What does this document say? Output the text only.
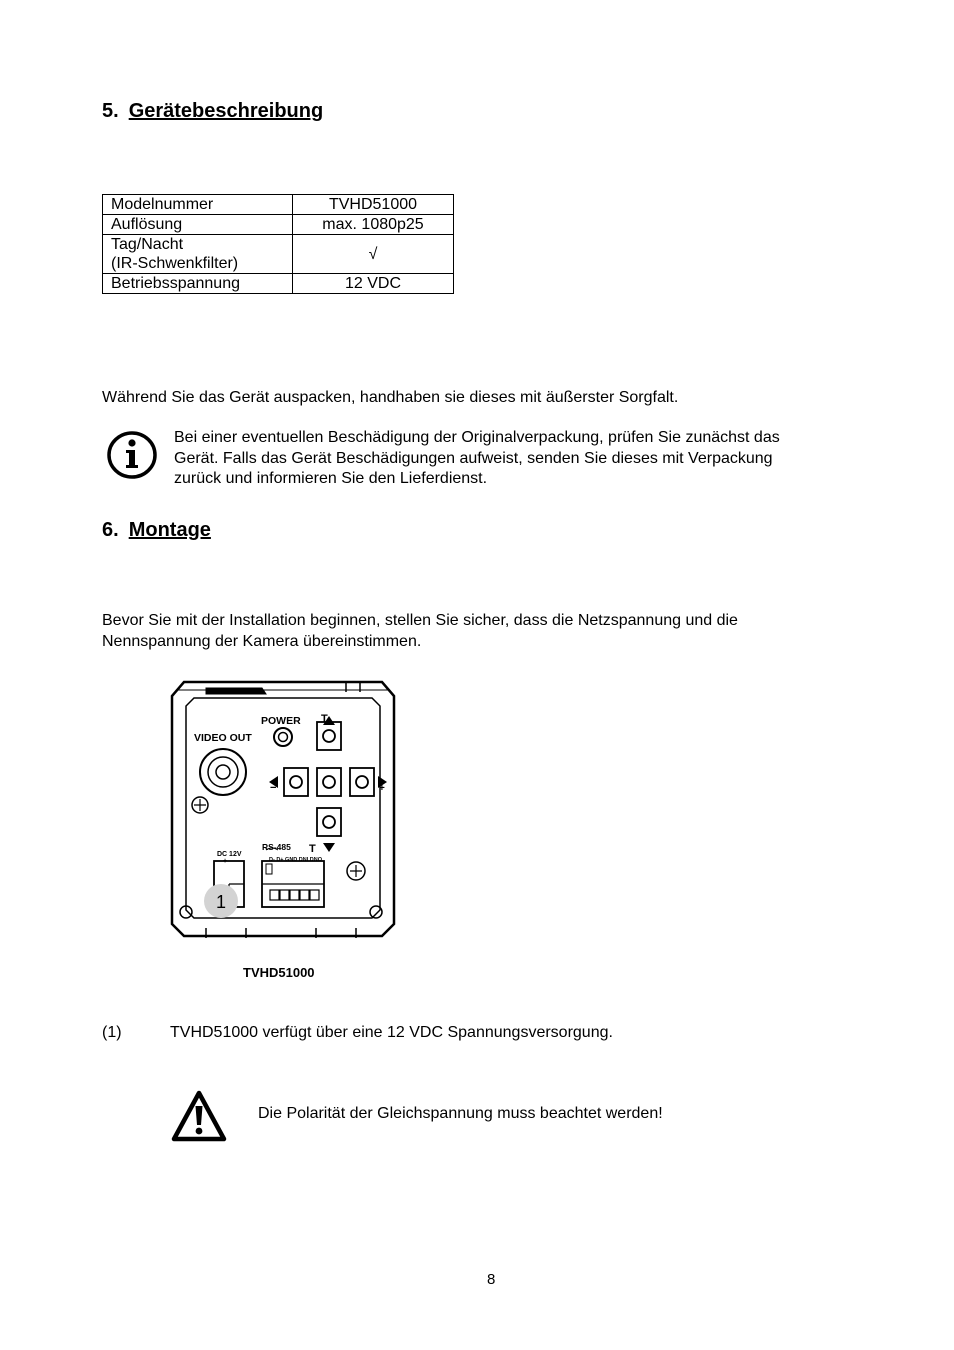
5. Gerätebeschreibung
Modelnummer	TVHD51000
Auflösung	max. 1080p25

Tag/Nacht
(IR-Schwenkfilter)	√
Betriebsspannung	12 VDC
Während Sie das Gerät auspacken, handhaben sie dieses mit äußerster Sorgfalt.
Bei einer eventuellen Beschädigung der Originalverpackung, prüfen Sie zunächst das
Gerät. Falls das Gerät Beschädigungen aufweist, senden Sie dieses mit Verpackung
zurück und informieren Sie den Lieferdienst.
6. Montage
Bevor Sie mit der Installation beginnen, stellen Sie sicher, dass die Netzspannung und die
Nennspannung der Kamera übereinstimmen.
POWER
VIDEO OUT
T
T
−	+
DC 12V
+ -
RS-485
D- D+ GND DNI DNO
1
TVHD51000
(1)	TVHD51000 verfügt über eine 12 VDC Spannungsversorgung.
Die Polarität der Gleichspannung muss beachtet werden!
8
